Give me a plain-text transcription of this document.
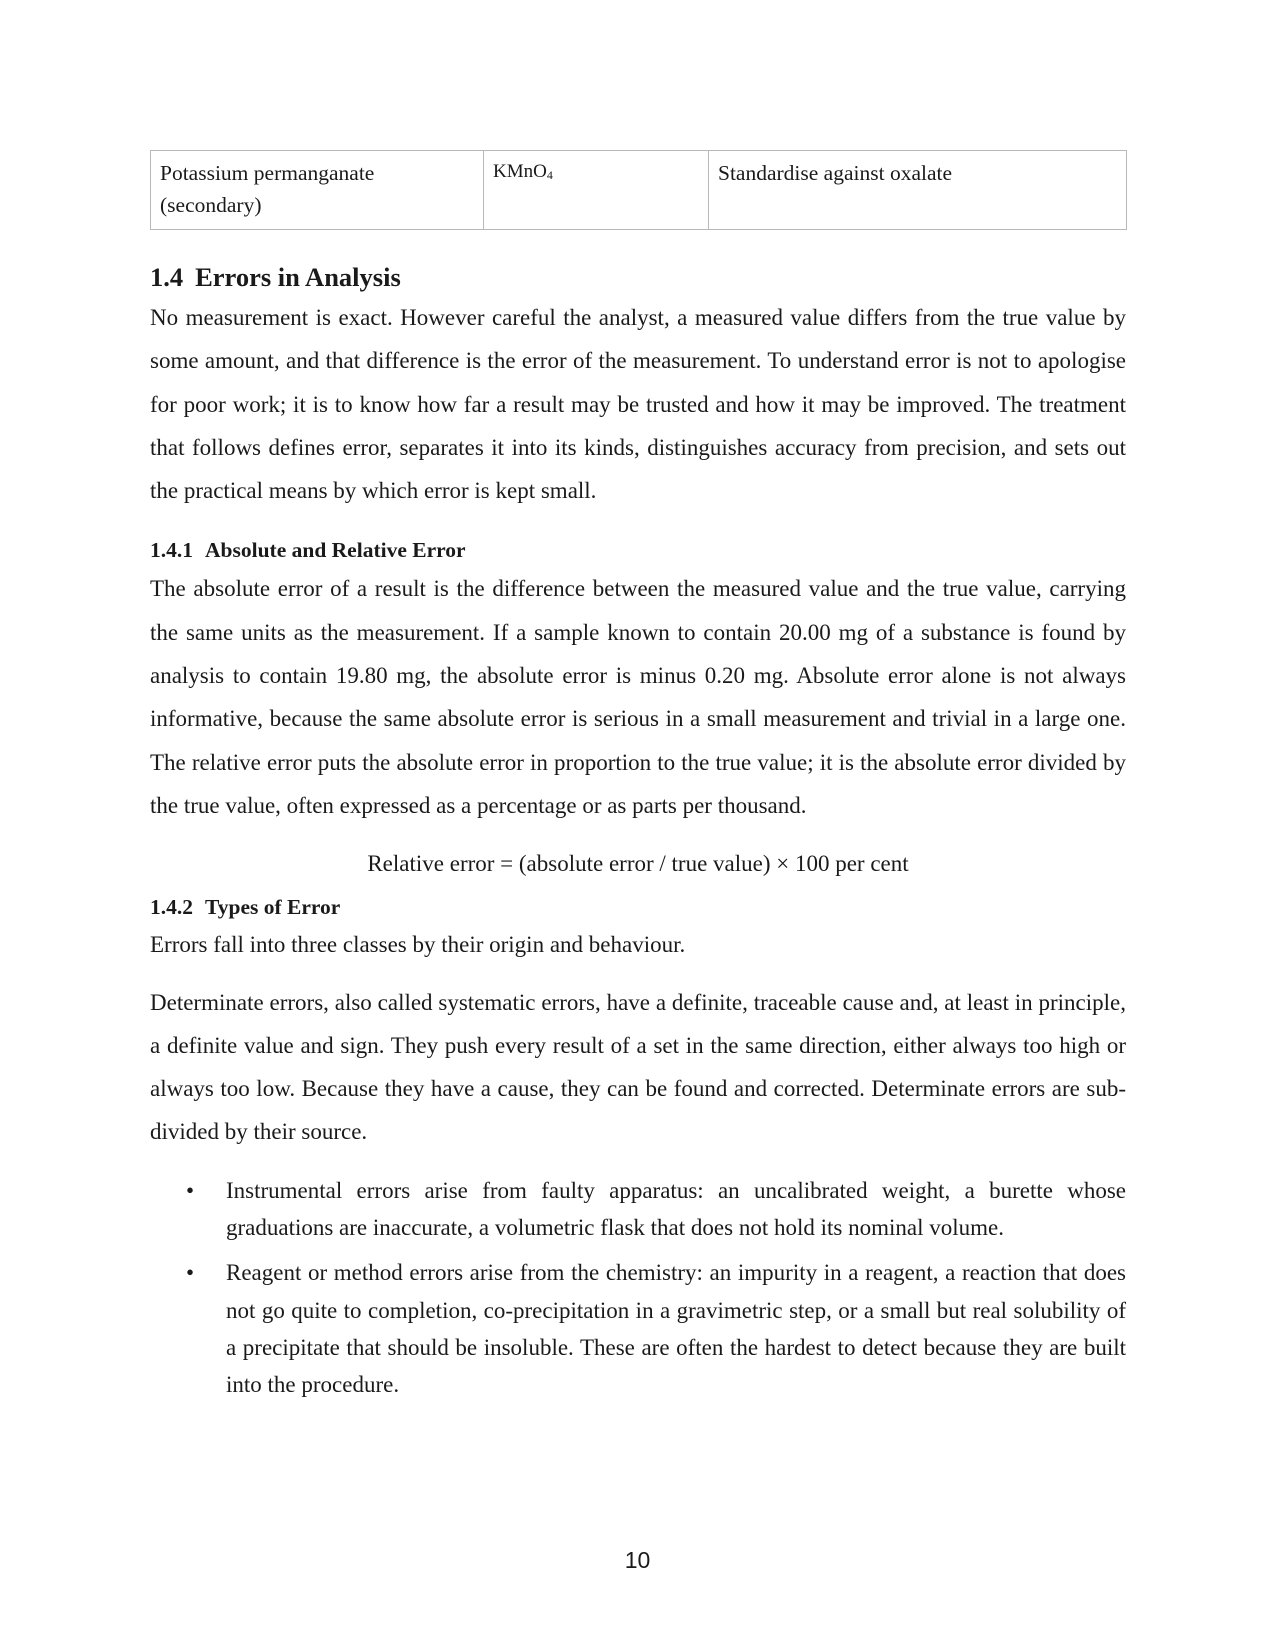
Potassium permanganate (secondary)	KMnO$_4$	Standardise against oxalate
1.4 Errors in Analysis

No measurement is exact. However careful the analyst, a measured value differs from the true value by some amount, and that difference is the error of the measurement. To understand error is not to apologise for poor work; it is to know how far a result may be trusted and how it may be improved. The treatment that follows defines error, separates it into its kinds, distinguishes accuracy from precision, and sets out the practical means by which error is kept small.

1.4.1 Absolute and Relative Error

The absolute error of a result is the difference between the measured value and the true value, carrying the same units as the measurement. If a sample known to contain 20.00 mg of a substance is found by analysis to contain 19.80 mg, the absolute error is minus 0.20 mg. Absolute error alone is not always informative, because the same absolute error is serious in a small measurement and trivial in a large one. The relative error puts the absolute error in proportion to the true value; it is the absolute error divided by the true value, often expressed as a percentage or as parts per thousand.

Relative error = (absolute error / true value) × 100 per cent

1.4.2 Types of Error

Errors fall into three classes by their origin and behaviour.

Determinate errors, also called systematic errors, have a definite, traceable cause and, at least in principle, a definite value and sign. They push every result of a set in the same direction, either always too high or always too low. Because they have a cause, they can be found and corrected. Determinate errors are sub-divided by their source.

• Instrumental errors arise from faulty apparatus: an uncalibrated weight, a burette whose graduations are inaccurate, a volumetric flask that does not hold its nominal volume.
• Reagent or method errors arise from the chemistry: an impurity in a reagent, a reaction that does not go quite to completion, co-precipitation in a gravimetric step, or a small but real solubility of a precipitate that should be insoluble. These are often the hardest to detect because they are built into the procedure.
10
